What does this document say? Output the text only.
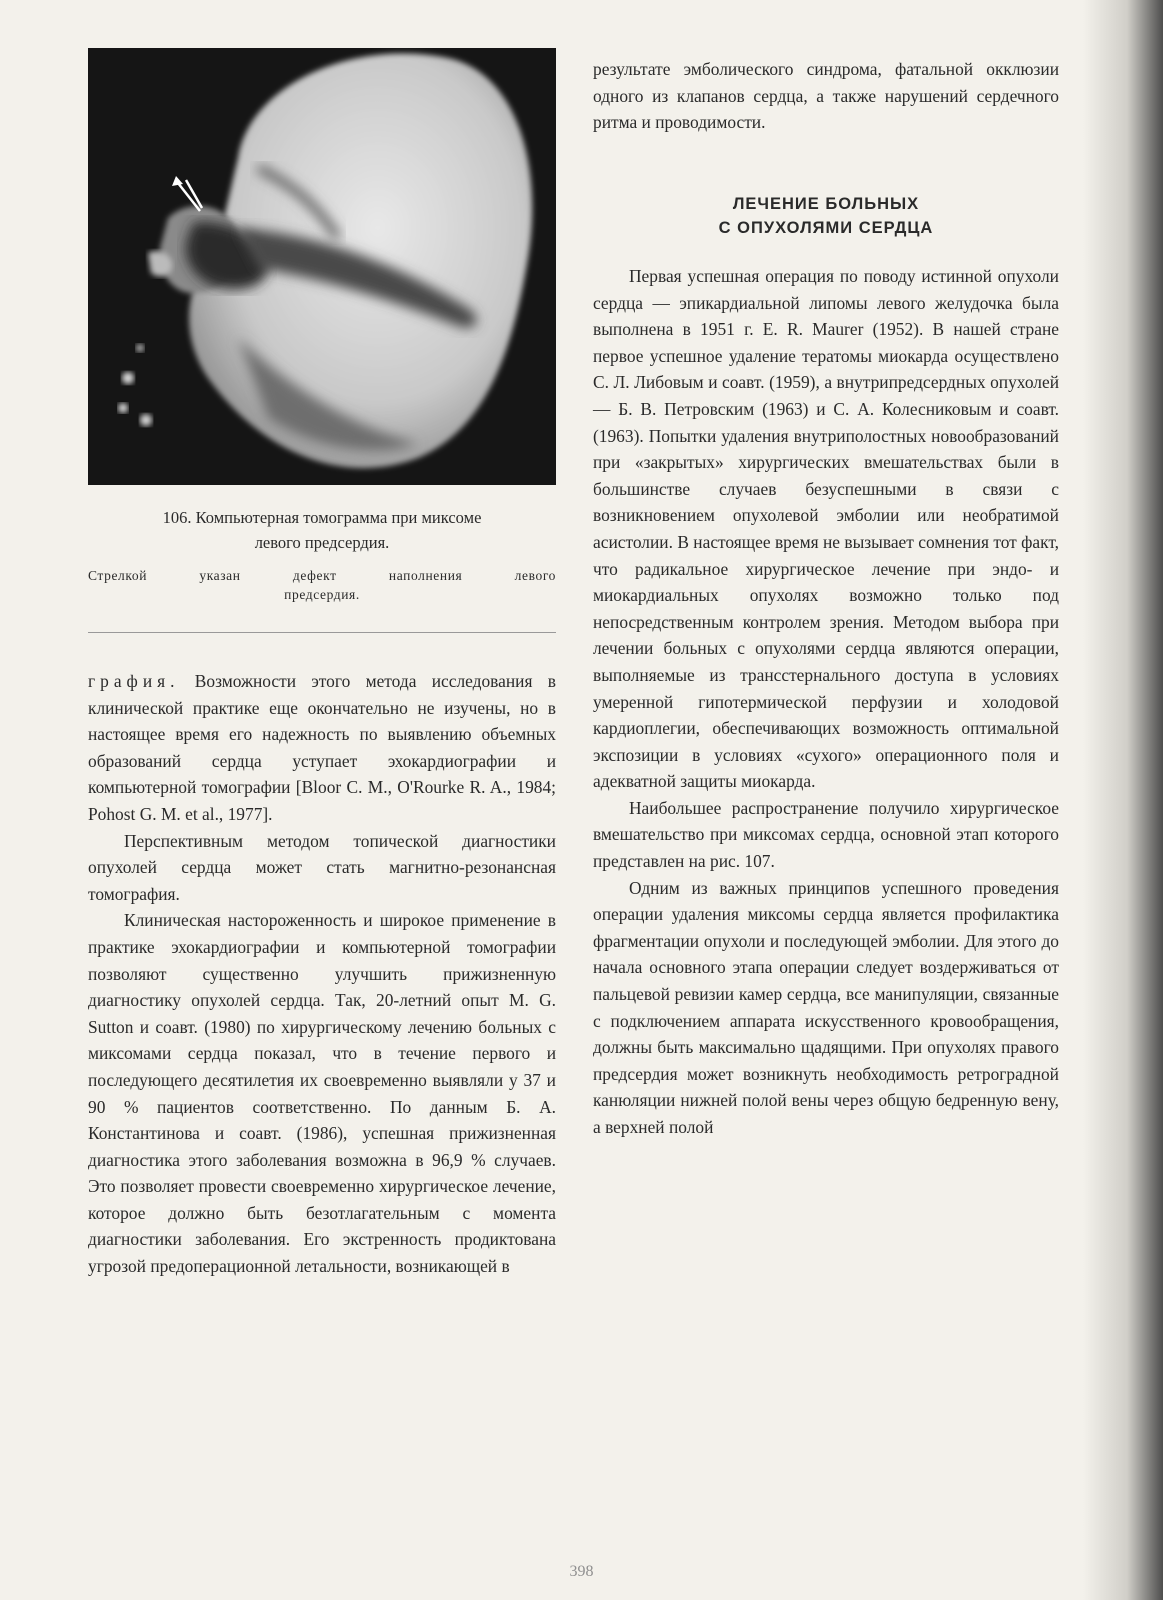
106. Компьютерная томограмма при миксоме
левого предсердия.
Стрелкой указан дефект наполнения левого
предсердия.

графия. Возможности этого метода исследования в клинической практике еще окончательно не изучены, но в настоящее время его надежность по выявлению объемных образований сердца уступает эхокардиографии и компьютерной томографии [Bloor С. M., O'Rourke R. A., 1984; Pohost G. М. et al., 1977].

Перспективным методом топической диагностики опухолей сердца может стать магнитно-резонансная томография.

Клиническая настороженность и широкое применение в практике эхокардиографии и компьютерной томографии позволяют существенно улучшить прижизненную диагностику опухолей сердца. Так, 20-летний опыт М. G. Sutton и соавт. (1980) по хирургическому лечению больных с миксомами сердца показал, что в течение первого и последующего десятилетия их своевременно выявляли у 37 и 90 % пациентов соответственно. По данным Б. А. Константинова и соавт. (1986), успешная прижизненная диагностика этого заболевания возможна в 96,9 % случаев. Это позволяет провести своевременно хирургическое лечение, которое должно быть безотлагательным с момента диагностики заболевания. Его экстренность продиктована угрозой предоперационной летальности, возникающей в

результате эмболического синдрома, фатальной окклюзии одного из клапанов сердца, а также нарушений сердечного ритма и проводимости.

ЛЕЧЕНИЕ БОЛЬНЫХ
С ОПУХОЛЯМИ СЕРДЦА

Первая успешная операция по поводу истинной опухоли сердца — эпикардиальной липомы левого желудочка была выполнена в 1951 г. Е. R. Maurer (1952). В нашей стране первое успешное удаление тератомы миокарда осуществлено С. Л. Либовым и соавт. (1959), а внутрипредсердных опухолей — Б. В. Петровским (1963) и С. А. Колесниковым и соавт. (1963). Попытки удаления внутриполостных новообразований при «закрытых» хирургических вмешательствах были в большинстве случаев безуспешными в связи с возникновением опухолевой эмболии или необратимой асистолии. В настоящее время не вызывает сомнения тот факт, что радикальное хирургическое лечение при эндо- и миокардиальных опухолях возможно только под непосредственным контролем зрения. Методом выбора при лечении больных с опухолями сердца являются операции, выполняемые из трансстернального доступа в условиях умеренной гипотермической перфузии и холодовой кардиоплегии, обеспечивающих возможность оптимальной экспозиции в условиях «сухого» операционного поля и адекватной защиты миокарда.

Наибольшее распространение получило хирургическое вмешательство при миксомах сердца, основной этап которого представлен на рис. 107.

Одним из важных принципов успешного проведения операции удаления миксомы сердца является профилактика фрагментации опухоли и последующей эмболии. Для этого до начала основного этапа операции следует воздерживаться от пальцевой ревизии камер сердца, все манипуляции, связанные с подключением аппарата искусственного кровообращения, должны быть максимально щадящими. При опухолях правого предсердия может возникнуть необходимость ретроградной канюляции нижней полой вены через общую бедренную вену, а верхней полой

398
